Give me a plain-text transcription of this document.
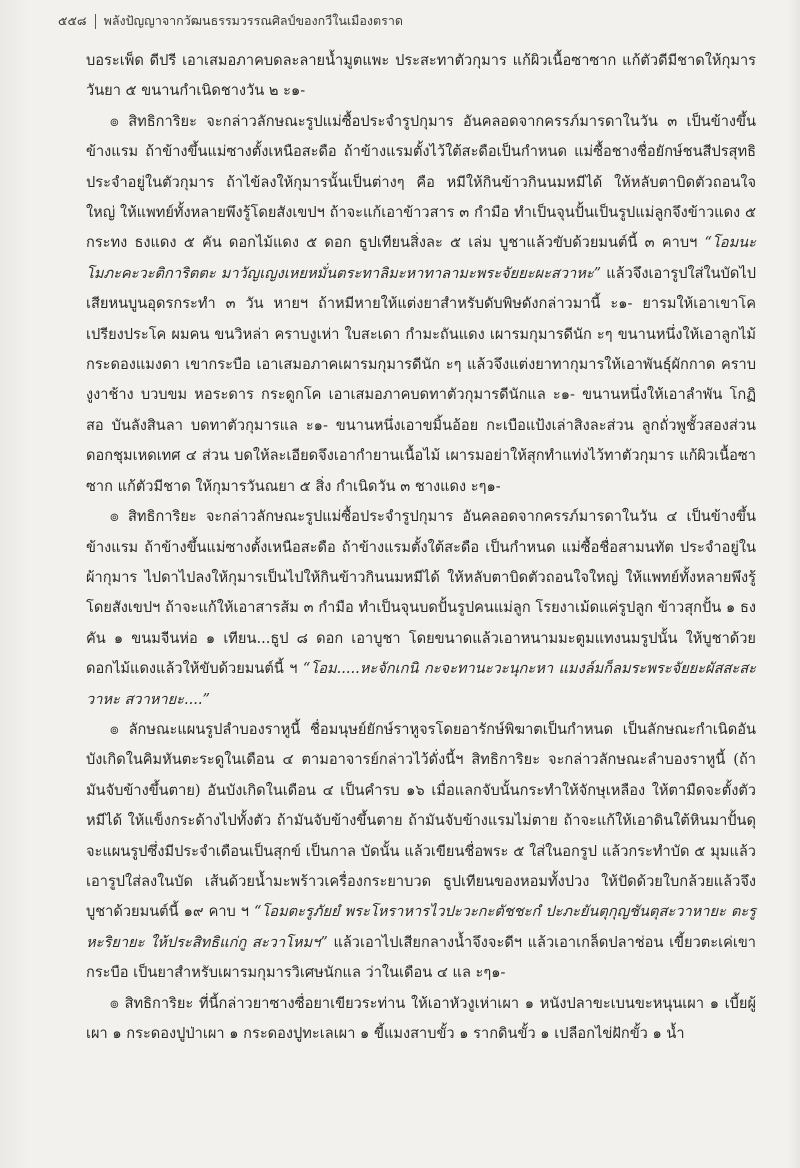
๕๕๘ พลังปัญญาจากวัฒนธรรมวรรณศิลป์ของกวีในเมืองตราด

บอระเพ็ด ดีปรี เอาเสมอภาคบดละลายน้ำมูตแพะ ประสะทาตัวกุมาร แก้ผิวเนื้อซาซาก แก้ตัวดีมีชาดให้กุมาร วันยา ๕ ขนานกำเนิดชางวัน ๒ ะ๑-

๏ สิทธิการิยะ จะกล่าวลักษณะรูปแม่ซื้อประจำรูปกุมาร อันคลอดจากครรภ์มารดาในวัน ๓ เป็นข้างขึ้น ข้างแรม ถ้าข้างขึ้นแม่ซางตั้งเหนือสะดือ ถ้าข้างแรมตั้งไว้ใต้สะดือเป็นกำหนด แม่ซื้อชางชื่อยักษ์ชนสีปรสุทธิประจำอยู่ในตัวกุมาร ถ้าไข้ลงให้กุมารนั้นเป็นต่างๆ คือ หมีให้กินข้าวกินนมหมีได้ ให้หลับตาบิดตัวถอนใจใหญ่ ให้แพทย์ทั้งหลายพึงรู้โดยสังเขปฯ ถ้าจะแก้เอาข้าวสาร ๓ กำมือ ทำเป็นจุนปั้นเป็นรูปแม่ลูกจึงข้าวแดง ๕ กระทง ธงแดง ๕ คัน ดอกไม้แดง ๕ ดอก ธูปเทียนสิ่งละ ๕ เล่ม บูชาแล้วขับด้วยมนต์นี้ ๓ คาบฯ “โอมนะโมภะคะวะติการิตตะ มาวัญเญงเหยหมั่นตระทาลิมะหาทาลามะพระจัยยะผะสวาหะ” แล้วจึงเอารูปใส่ในบัดไปเสียหนบูนอุดรกระทำ ๓ วัน หายฯ ถ้าหมีหายให้แต่งยาสำหรับดับพิษดังกล่าวมานี้ ะ๑- ยารมให้เอาเขาโคเปรียงประโค ผมคน ขนวิหล่า คราบงูเห่า ใบสะเดา กำมะถันแดง เผารมกุมารดีนัก ะๆ ขนานหนึ่งให้เอาลูกไม้กระดองแมงดา เขากระบือ เอาเสมอภาคเผารมกุมารดีนัก ะๆ แล้วจึงแต่งยาทากุมารให้เอาพันธุ์ผักกาด คราบงูงาช้าง บวบขม หอระดาร กระดูกโค เอาเสมอภาคบดทาตัวกุมารดีนักแล ะ๑- ขนานหนึ่งให้เอาลำพัน โกฏิสอ บันลังสินลา บดทาตัวกุมารแล ะ๑- ขนานหนึ่งเอาขมิ้นอ้อย กะเบือแป้งเล่าสิงละส่วน ลูกถั่วพูชั้วสองส่วน ดอกชุมเหดเทศ ๔ ส่วน บดให้ละเอียดจึงเอากำยานเนื้อไม้ เผารมอย่าให้สุกทำแท่งไว้ทาตัวกุมาร แก้ผิวเนื้อซาซาก แก้ตัวมีชาด ให้กุมารวันณยา ๕ สิ่ง กำเนิดวัน ๓ ชางแดง ะๆ๑-

๏ สิทธิการิยะ จะกล่าวลักษณะรูปแม่ซื้อประจำรูปกุมาร อันคลอดจากครรภ์มารดาในวัน ๔ เป็นข้างขึ้นข้างแรม ถ้าข้างขึ้นแม่ซางตั้งเหนือสะดือ ถ้าข้างแรมตั้งใต้สะดือ เป็นกำหนด แม่ซื้อชื่อสามนทัต ประจำอยู่ในผ้ากุมาร ไปดาไปลงให้กุมารเป็นไปให้กินข้าวกินนมหมีได้ ให้หลับตาบิดตัวถอนใจใหญ่ ให้แพทย์ทั้งหลายพึงรู้โดยสังเขปฯ ถ้าจะแก้ให้เอาสารส้ม ๓ กำมือ ทำเป็นจุนบดปั้นรูปคนแม่ลูก โรยงาเม้ดแค่รูปลูก ข้าวสุกปั้น ๑ ธงคัน ๑ ขนมจีนห่อ ๑ เทียน...ธูป ๘ ดอก เอาบูชา โดยขนาดแล้วเอาหนามมะตูมแทงนมรูปนั้น ให้บูชาด้วยดอกไม้แดงแล้วให้ขับด้วยมนต์นี้ ฯ “โอม.....หะจักเกนิ กะจะทานะวะนุกะหา แมงล์มก็ลมระพระจัยยะผัสสะสะวาหะ สวาหายะ....”

๏ ลักษณะแผนรูปลำบองราหูนี้ ชื่อมนุษย์ยักษ์ราหูจรโดยอารักษ์พิฆาตเป็นกำหนด เป็นลักษณะกำเนิดอันบังเกิดในคิมหันตะระดูในเดือน ๔ ตามอาจารย์กล่าวไว้ดั่งนี้ฯ สิทธิการิยะ จะกล่าวลักษณะลำบองราหูนี้ (ถ้ามันจับข้างขึ้นตาย) อันบังเกิดในเดือน ๔ เป็นคำรบ ๑๖ เมื่อแลกจับนั้นกระทำให้จักษุเหลือง ให้ตามืดจะตั้งตัวหมีได้ ให้แข็งกระด้างไปทั้งตัว ถ้ามันจับข้างขึ้นตาย ถ้ามันจับข้างแรมไม่ตาย ถ้าจะแก้ให้เอาดินใต้หินมาปั้นดุจะแผนรูปซึ่งมีประจำเดือนเป็นสุกข์ เป็นกาล บัดนั้น แล้วเขียนชื่อพระ ๕ ใส่ในอกรูป แล้วกระทำบัด ๕ มุมแล้วเอารูปใส่ลงในบัด เส้นด้วยน้ำมะพร้าวเครื่องกระยาบวด ธูปเทียนของหอมทั้งปวง ให้ปัดด้วยใบกล้วยแล้วจึงบูชาด้วยมนต์นี้ ๑๙ คาบ ฯ “โอมตะรูภัยยํ พระโหราหารไวปะวะกะตัชชะกํ ปะภะยันตุกุญชันตุสะวาหายะ ตะรูหะริยายะ ให้ประสิทธิแก่กู สะวาโหมฯ” แล้วเอาไปเสียกลางน้ำจึงจะดีฯ แล้วเอาเกล็ดปลาช่อน เขี้ยวตะเค่เขากระบือ เป็นยาสำหรับเผารมกุมารวิเศษนักแล ว่าในเดือน ๔ แล ะๆ๑-

๏ สิทธิการิยะ ที่นี้กล่าวยาซางซื่อยาเขียวระท่าน ให้เอาหัวงูเห่าเผา ๑ หนังปลาขะเบนขะหนุนเผา ๑ เบี้ยผู้เผา ๑ กระดองปูป่าเผา ๑ กระดองปูทะเลเผา ๑ ขี้แมงสาบขั้ว ๑ รากดินขั้ว ๑ เปลือกไข่ฝักขั้ว ๑ น้ำ
